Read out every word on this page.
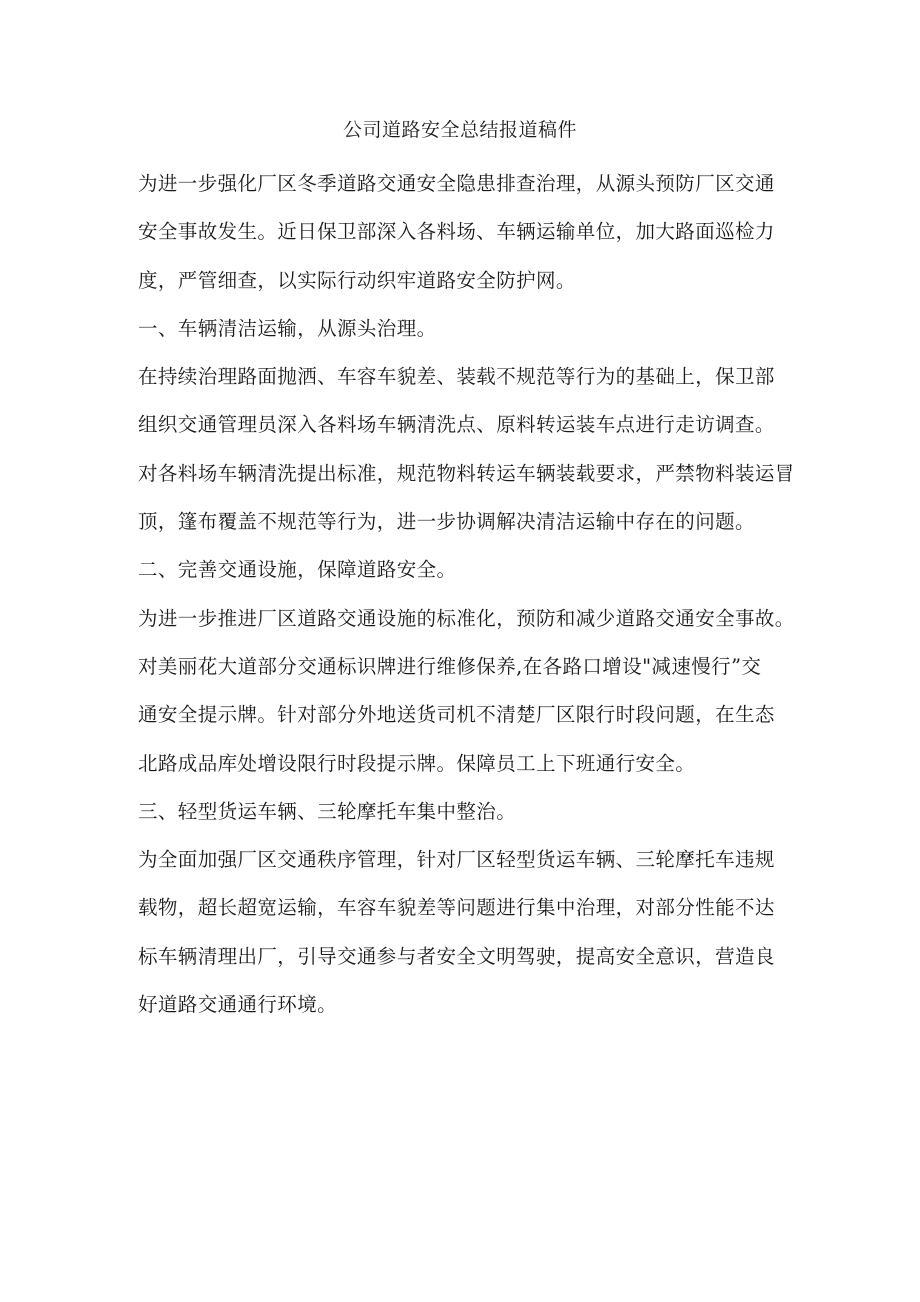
公司道路安全总结报道稿件
为进一步强化厂区冬季道路交通安全隐患排查治理，从源头预防厂区交通
安全事故发生。近日保卫部深入各料场、车辆运输单位，加大路面巡检力
度，严管细查，以实际行动织牢道路安全防护网。
一、车辆清洁运输，从源头治理。
在持续治理路面抛洒、车容车貌差、装载不规范等行为的基础上，保卫部
组织交通管理员深入各料场车辆清洗点、原料转运装车点进行走访调查。
对各料场车辆清洗提出标准，规范物料转运车辆装载要求，严禁物料装运冒
顶，篷布覆盖不规范等行为，进一步协调解决清洁运输中存在的问题。
二、完善交通设施，保障道路安全。
为进一步推进厂区道路交通设施的标准化，预防和减少道路交通安全事故。
对美丽花大道部分交通标识牌进行维修保养,在各路口增设"减速慢行”交
通安全提示牌。针对部分外地送货司机不清楚厂区限行时段问题，在生态
北路成品库处增设限行时段提示牌。保障员工上下班通行安全。
三、轻型货运车辆、三轮摩托车集中整治。
为全面加强厂区交通秩序管理，针对厂区轻型货运车辆、三轮摩托车违规
载物，超长超宽运输，车容车貌差等问题进行集中治理，对部分性能不达
标车辆清理出厂，引导交通参与者安全文明驾驶，提高安全意识，营造良
好道路交通通行环境。
